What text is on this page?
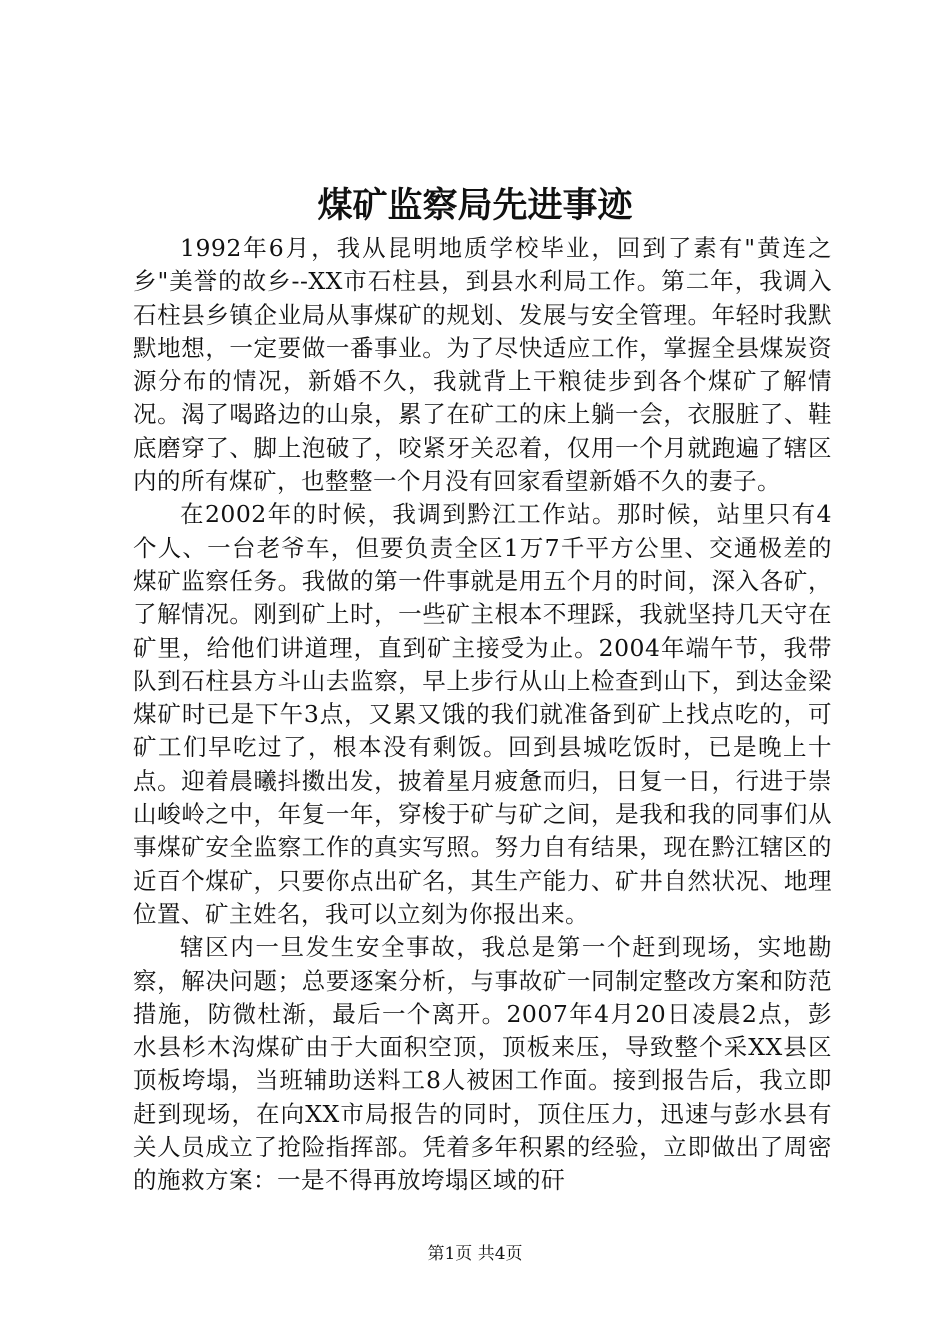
煤矿监察局先进事迹

1992年6月，我从昆明地质学校毕业，回到了素有"黄连之乡"美誉的故乡--XX市石柱县，到县水利局工作。第二年，我调入石柱县乡镇企业局从事煤矿的规划、发展与安全管理。年轻时我默默地想，一定要做一番事业。为了尽快适应工作，掌握全县煤炭资源分布的情况，新婚不久，我就背上干粮徒步到各个煤矿了解情况。渴了喝路边的山泉，累了在矿工的床上躺一会，衣服脏了、鞋底磨穿了、脚上泡破了，咬紧牙关忍着，仅用一个月就跑遍了辖区内的所有煤矿，也整整一个月没有回家看望新婚不久的妻子。

在2002年的时候，我调到黔江工作站。那时候，站里只有4个人、一台老爷车，但要负责全区1万7千平方公里、交通极差的煤矿监察任务。我做的第一件事就是用五个月的时间，深入各矿，了解情况。刚到矿上时，一些矿主根本不理踩，我就坚持几天守在矿里，给他们讲道理，直到矿主接受为止。2004年端午节，我带队到石柱县方斗山去监察，早上步行从山上检查到山下，到达金梁煤矿时已是下午3点，又累又饿的我们就准备到矿上找点吃的，可矿工们早吃过了，根本没有剩饭。回到县城吃饭时，已是晚上十点。迎着晨曦抖擞出发，披着星月疲惫而归，日复一日，行进于崇山峻岭之中，年复一年，穿梭于矿与矿之间，是我和我的同事们从事煤矿安全监察工作的真实写照。努力自有结果，现在黔江辖区的近百个煤矿，只要你点出矿名，其生产能力、矿井自然状况、地理位置、矿主姓名，我可以立刻为你报出来。

辖区内一旦发生安全事故，我总是第一个赶到现场，实地勘察，解决问题；总要逐案分析，与事故矿一同制定整改方案和防范措施，防微杜渐，最后一个离开。2007年4月20日凌晨2点，彭水县杉木沟煤矿由于大面积空顶，顶板来压，导致整个采XX县区顶板垮塌，当班辅助送料工8人被困工作面。接到报告后，我立即赶到现场，在向XX市局报告的同时，顶住压力，迅速与彭水县有关人员成立了抢险指挥部。凭着多年积累的经验，立即做出了周密的施救方案：一是不得再放垮塌区域的矸

第1页 共4页
